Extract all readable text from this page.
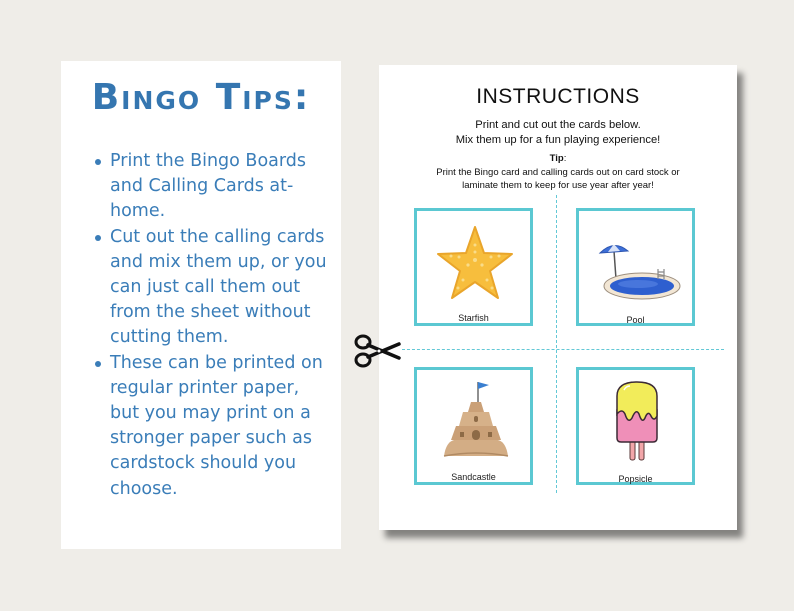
Bingo Tips:
Print the Bingo Boards and Calling Cards at-home.
Cut out the calling cards and mix them up, or you can just call them out from the sheet without cutting them.
These can be printed on regular printer paper, but you may print on a stronger paper such as cardstock should you choose.
INSTRUCTIONS
Print and cut out the cards below.
Mix them up for a fun playing experience!
Tip:
Print the Bingo card and calling cards out on card stock or
laminate them to keep for use year after year!
Starfish	Pool
Sandcastle	Popsicle
